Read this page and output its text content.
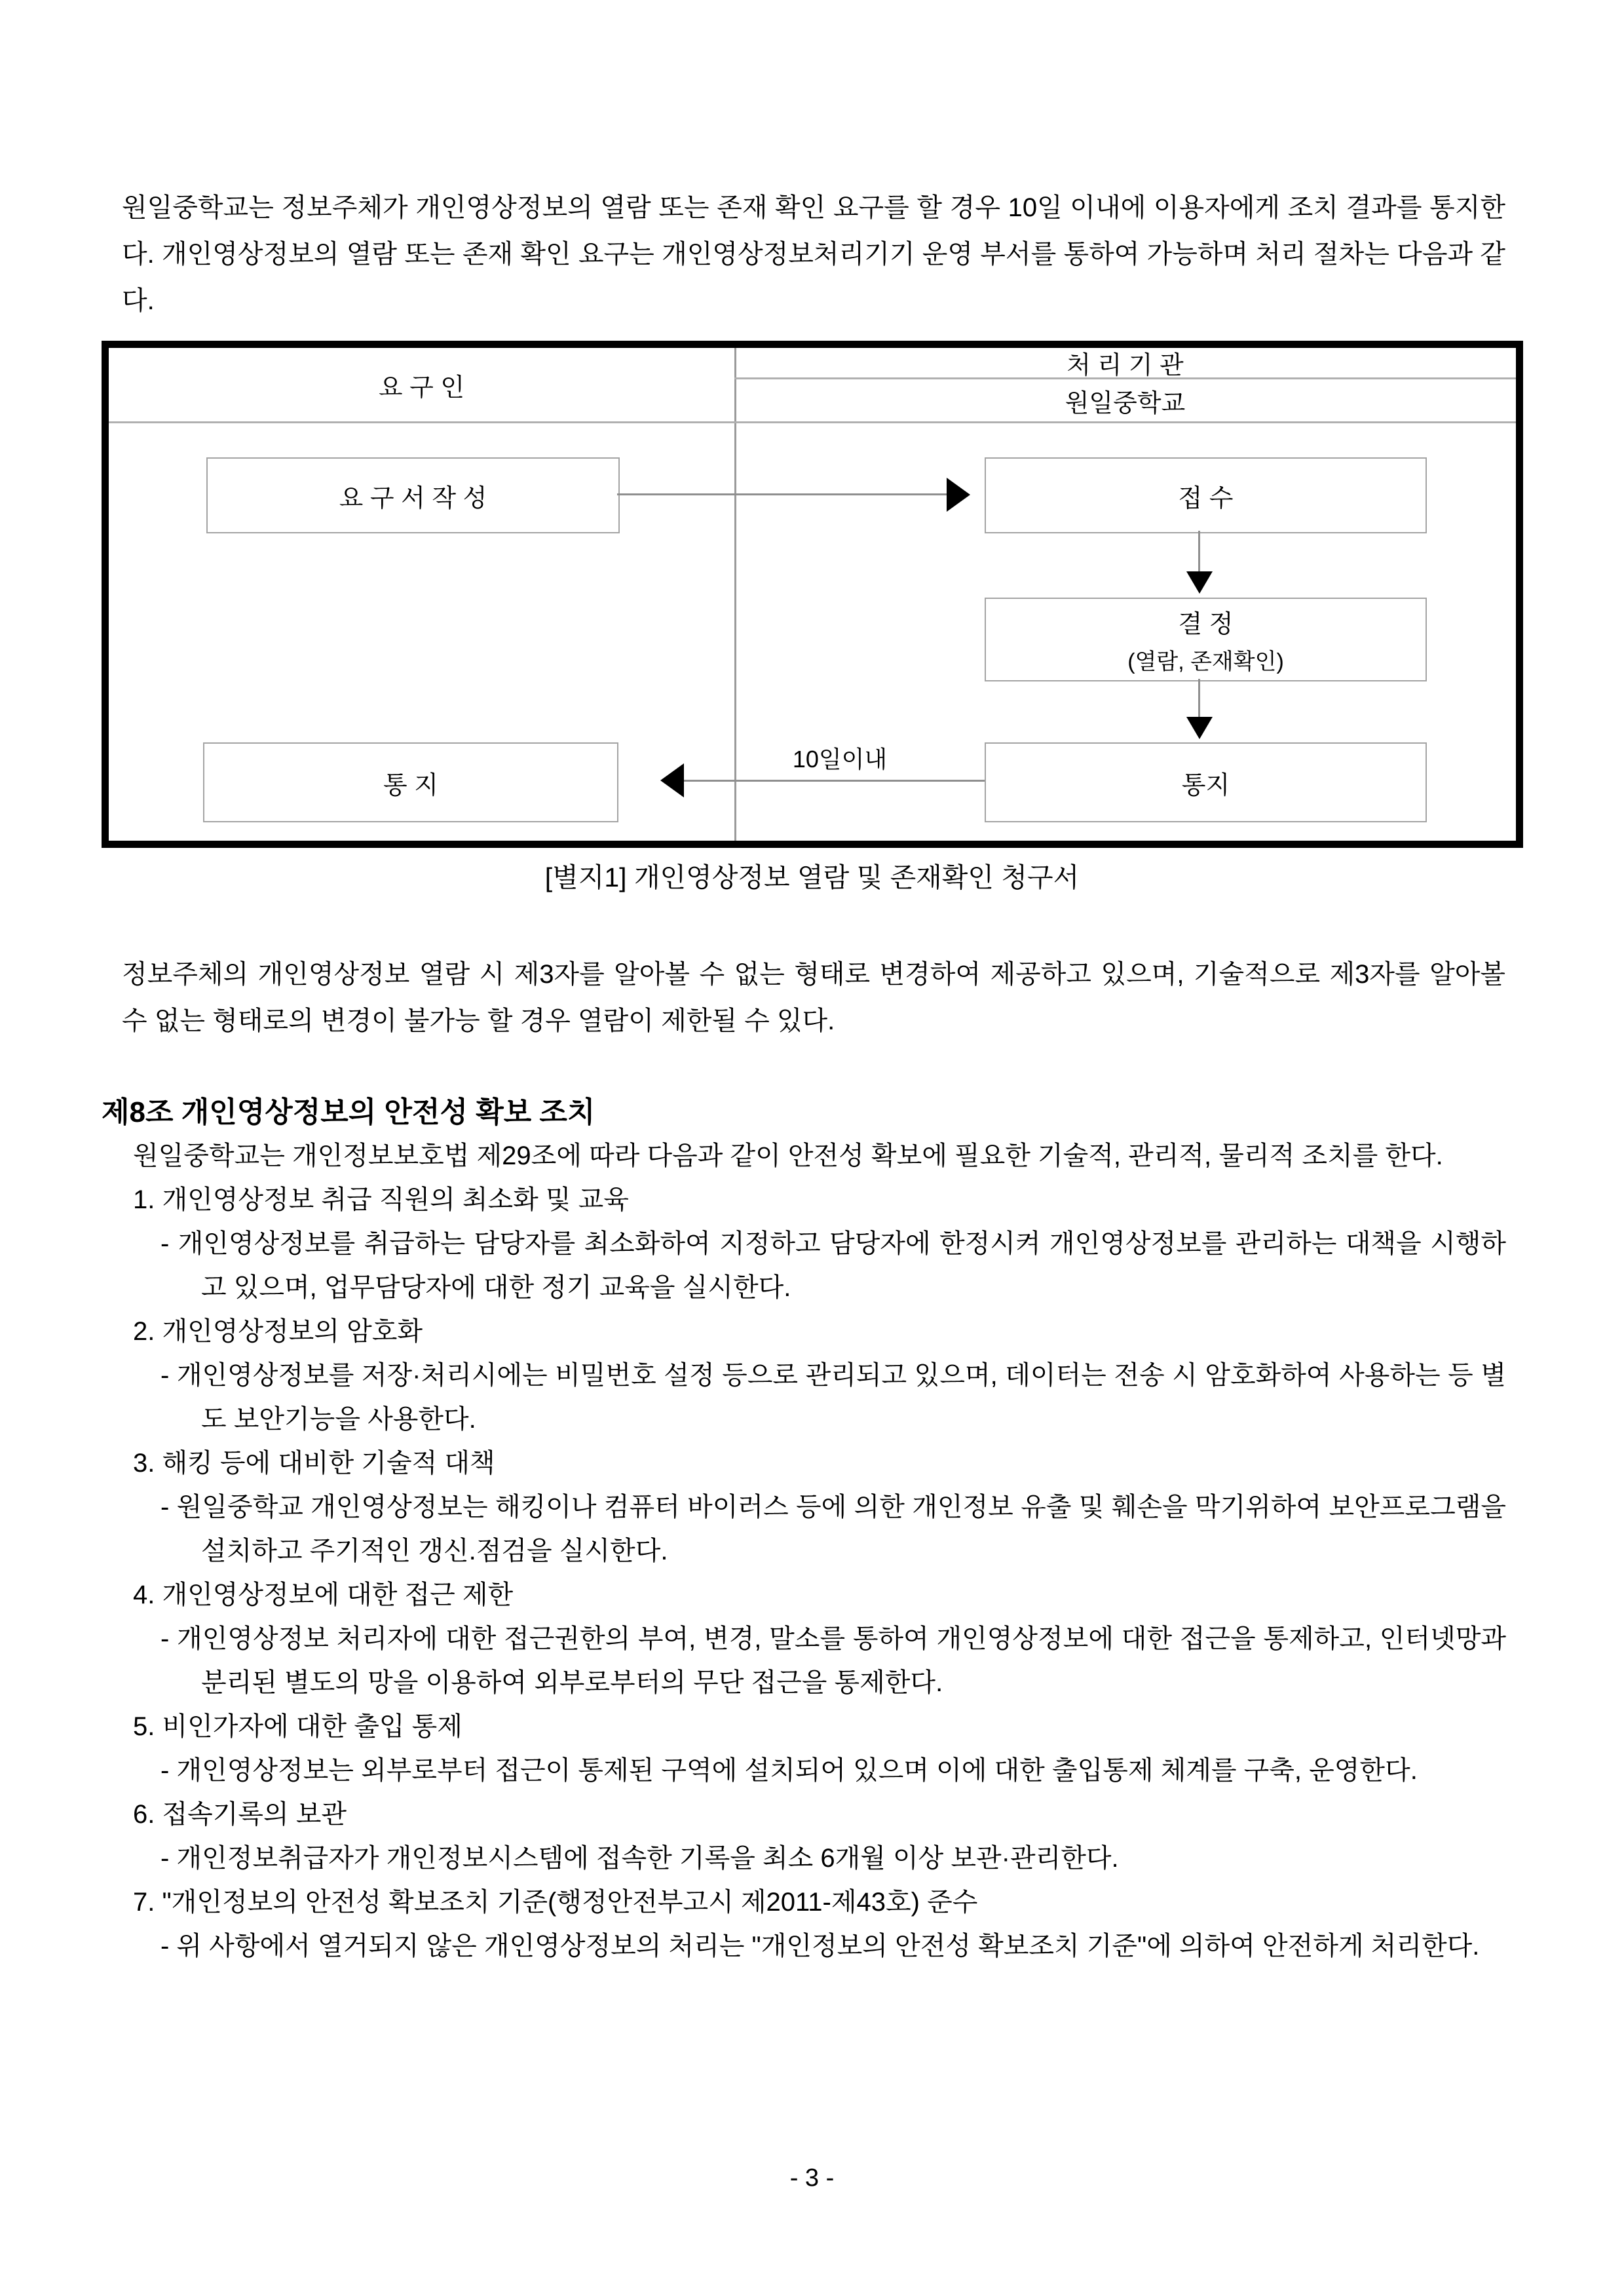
원일중학교는 정보주체가 개인영상정보의 열람 또는 존재 확인 요구를 할 경우 10일 이내에 이용자에게 조치 결과를 통지한다. 개인영상정보의 열람 또는 존재 확인 요구는 개인영상정보처리기기 운영 부서를 통하여 가능하며 처리 절차는 다음과 같다.
요 구 인
처 리 기 관
원일중학교
요 구 서 작 성	접 수
결 정
(열람, 존재확인)
통지
통 지
10일이내
[별지1] 개인영상정보 열람 및 존재확인 청구서
정보주체의 개인영상정보 열람 시 제3자를 알아볼 수 없는 형태로 변경하여 제공하고 있으며, 기술적으로 제3자를 알아볼 수 없는 형태로의 변경이 불가능 할 경우 열람이 제한될 수 있다.
제8조 개인영상정보의 안전성 확보 조치
원일중학교는 개인정보보호법 제29조에 따라 다음과 같이 안전성 확보에 필요한 기술적, 관리적, 물리적 조치를 한다.
1. 개인영상정보 취급 직원의 최소화 및 교육
- 개인영상정보를 취급하는 담당자를 최소화하여 지정하고 담당자에 한정시켜 개인영상정보를 관리하는 대책을 시행하고 있으며, 업무담당자에 대한 정기 교육을 실시한다.
2. 개인영상정보의 암호화
- 개인영상정보를 저장·처리시에는 비밀번호 설정 등으로 관리되고 있으며, 데이터는 전송 시 암호화하여 사용하는 등 별도 보안기능을 사용한다.
3. 해킹 등에 대비한 기술적 대책
- 원일중학교 개인영상정보는 해킹이나 컴퓨터 바이러스 등에 의한 개인정보 유출 및 훼손을 막기위하여 보안프로그램을 설치하고 주기적인 갱신.점검을 실시한다.
4. 개인영상정보에 대한 접근 제한
- 개인영상정보 처리자에 대한 접근권한의 부여, 변경, 말소를 통하여 개인영상정보에 대한 접근을 통제하고, 인터넷망과 분리된 별도의 망을 이용하여 외부로부터의 무단 접근을 통제한다.
5. 비인가자에 대한 출입 통제
- 개인영상정보는 외부로부터 접근이 통제된 구역에 설치되어 있으며 이에 대한 출입통제 체계를 구축, 운영한다.
6. 접속기록의 보관
- 개인정보취급자가 개인정보시스템에 접속한 기록을 최소 6개월 이상 보관·관리한다.
7. "개인정보의 안전성 확보조치 기준(행정안전부고시 제2011-제43호) 준수
- 위 사항에서 열거되지 않은 개인영상정보의 처리는 "개인정보의 안전성 확보조치 기준"에 의하여 안전하게 처리한다.
- 3 -
